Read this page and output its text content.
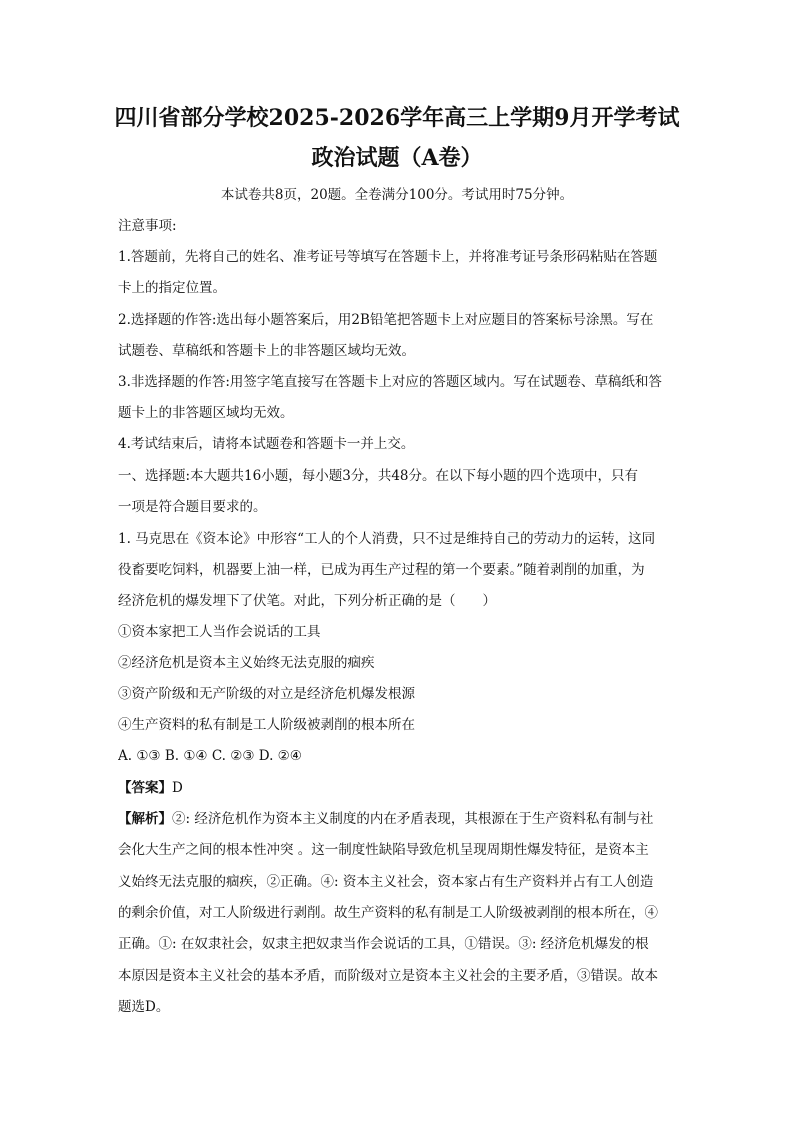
四川省部分学校2025-2026学年高三上学期9月开学考试
政治试题（A卷）
本试卷共8页，20题。全卷满分100分。考试用时75分钟。
注意事项:
1.答题前，先将自己的姓名、准考证号等填写在答题卡上，并将准考证号条形码粘贴在答题
卡上的指定位置。
2.选择题的作答:选出每小题答案后，用2B铅笔把答题卡上对应题目的答案标号涂黑。写在
试题卷、草稿纸和答题卡上的非答题区域均无效。
3.非选择题的作答:用签字笔直接写在答题卡上对应的答题区域内。写在试题卷、草稿纸和答
题卡上的非答题区域均无效。
4.考试结束后，请将本试题卷和答题卡一并上交。
一、选择题:本大题共16小题，每小题3分，共48分。在以下每小题的四个选项中，只有
一项是符合题目要求的。
1. 马克思在《资本论》中形容“工人的个人消费，只不过是维持自己的劳动力的运转，这同
役畜要吃饲料，机器要上油一样，已成为再生产过程的第一个要素。”随着剥削的加重，为
经济危机的爆发埋下了伏笔。对此，下列分析正确的是（　　）
①资本家把工人当作会说话的工具
②经济危机是资本主义始终无法克服的痼疾
③资产阶级和无产阶级的对立是经济危机爆发根源
④生产资料的私有制是工人阶级被剥削的根本所在
A. ①③ B. ①④ C. ②③ D. ②④
【答案】D
【解析】②: 经济危机作为资本主义制度的内在矛盾表现，其根源在于生产资料私有制与社
会化大生产之间的根本性冲突 。这一制度性缺陷导致危机呈现周期性爆发特征，是资本主
义始终无法克服的痼疾，②正确。④: 资本主义社会，资本家占有生产资料并占有工人创造
的剩余价值，对工人阶级进行剥削。故生产资料的私有制是工人阶级被剥削的根本所在，④
正确。①: 在奴隶社会，奴隶主把奴隶当作会说话的工具，①错误。③: 经济危机爆发的根
本原因是资本主义社会的基本矛盾，而阶级对立是资本主义社会的主要矛盾，③错误。故本
题选D。
